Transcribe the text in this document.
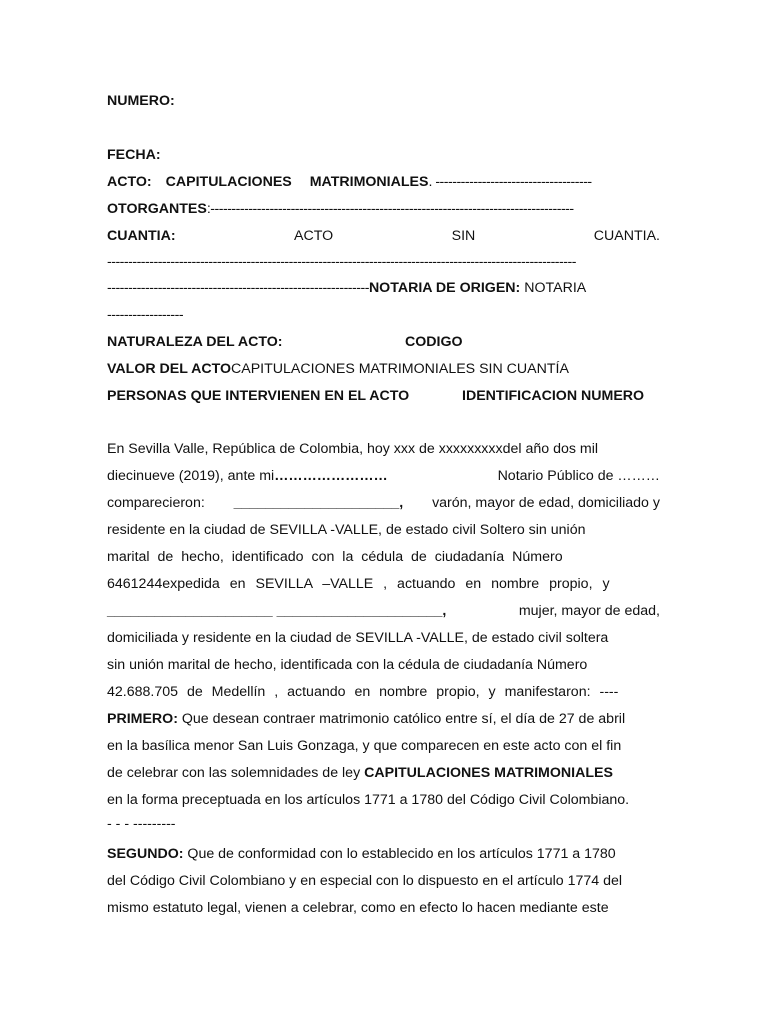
NUMERO:
FECHA:
ACTO: CAPITULACIONES MATRIMONIALES. -------------------------------------
OTORGANTES:--------------------------------------------------------------------------------------
CUANTIA:	ACTO	SIN	CUANTIA.
---------------------------------------------------------------------------------------------------------------
--------------------------------------------------------------NOTARIA DE ORIGEN: NOTARIA
------------------
NATURALEZA DEL ACTO:	CODIGO
VALOR DEL ACTOCAPITULACIONES MATRIMONIALES SIN CUANTÍA
PERSONAS QUE INTERVIENEN EN EL ACTO	IDENTIFICACION NUMERO
En Sevilla Valle, República de Colombia, hoy xxx de xxxxxxxxxdel año dos mil
diecinueve (2019), ante mi……………………	Notario Público de ………
comparecieron: _____________________, varón, mayor de edad, domiciliado y
residente en la ciudad de SEVILLA -VALLE, de estado civil Soltero sin unión
marital de hecho, identificado con la cédula de ciudadanía Número
6461244expedida en SEVILLA –VALLE , actuando en nombre propio, y
_____________________ _____________________,	mujer, mayor de edad,
domiciliada y residente en la ciudad de SEVILLA -VALLE, de estado civil soltera
sin unión marital de hecho, identificada con la cédula de ciudadanía Número
42.688.705 de Medellín , actuando en nombre propio, y manifestaron: ----
PRIMERO: Que desean contraer matrimonio católico entre sí, el día de 27 de abril
en la basílica menor San Luis Gonzaga, y que comparecen en este acto con el fin
de celebrar con las solemnidades de ley CAPITULACIONES MATRIMONIALES
en la forma preceptuada en los artículos 1771 a 1780 del Código Civil Colombiano.
- - - ---------
SEGUNDO: Que de conformidad con lo establecido en los artículos 1771 a 1780
del Código Civil Colombiano y en especial con lo dispuesto en el artículo 1774 del
mismo estatuto legal, vienen a celebrar, como en efecto lo hacen mediante este
